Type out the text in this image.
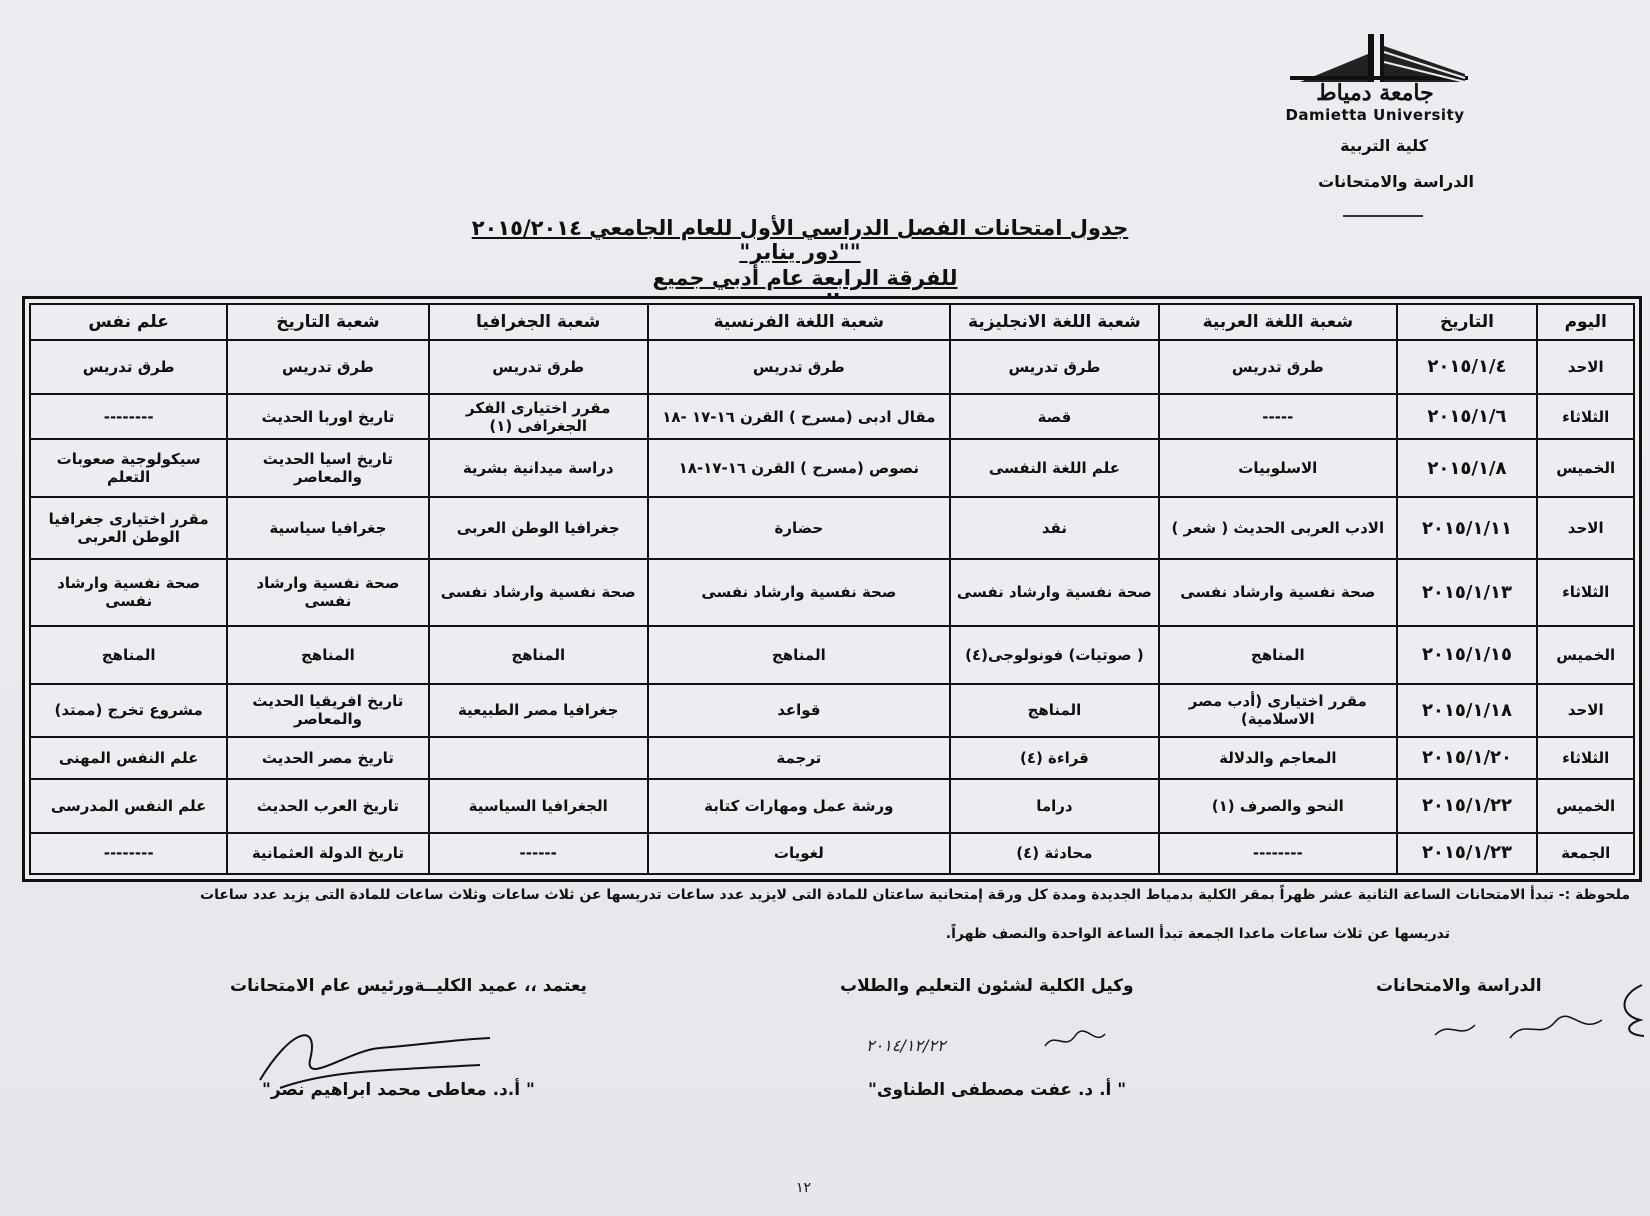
جامعة دمياط
Damietta University
كلية التربية
الدراسة والامتحانات
جدول امتحانات الفصل الدراسي الأول للعام الجامعي ٢٠١٥/٢٠١٤ ""دور يناير"
للفرقة الرابعة عام أدبي جميع
اليوم	التاريخ	شعبة اللغة العربية	شعبة اللغة الانجليزية	شعبة اللغة الفرنسية	شعبة الجغرافيا	شعبة التاريخ	علم نفس
الاحد	٢٠١٥/١/٤	طرق تدريس	طرق تدريس	طرق تدريس	طرق تدريس	طرق تدريس	طرق تدريس
الثلاثاء	٢٠١٥/١/٦	-----	قصة	مقال ادبى (مسرح ) القرن ١٦-١٧ -١٨	مقرر اختيارى الفكر الجغرافى (١)	تاريخ اوربا الحديث	--------
الخميس	٢٠١٥/١/٨	الاسلوبيات	علم اللغة النفسى	نصوص (مسرح ) القرن ١٦-١٧-١٨	دراسة ميدانية بشرية	تاريخ اسيا الحديث والمعاصر	سيكولوجية صعوبات التعلم
الاحد	٢٠١٥/١/١١	الادب العربى الحديث ( شعر )	نقد	حضارة	جغرافيا الوطن العربى	جغرافيا سياسية	مقرر اختيارى جغرافيا الوطن العربى
الثلاثاء	٢٠١٥/١/١٣	صحة نفسية وارشاد نفسى	صحة نفسية وارشاد نفسى	صحة نفسية وارشاد نفسى	صحة نفسية وارشاد نفسى	صحة نفسية وارشاد نفسى	صحة نفسية وارشاد نفسى
الخميس	٢٠١٥/١/١٥	المناهج	( صوتيات) فونولوجى(٤)	المناهج	المناهج	المناهج	المناهج
الاحد	٢٠١٥/١/١٨	مقرر اختيارى (أدب مصر الاسلامية)	المناهج	قواعد	جغرافيا مصر الطبيعية	تاريخ افريقيا الحديث والمعاصر	مشروع تخرج (ممتد)
الثلاثاء	٢٠١٥/١/٢٠	المعاجم والدلالة	قراءة (٤)	ترجمة		تاريخ مصر الحديث	علم النفس المهنى
الخميس	٢٠١٥/١/٢٢	النحو والصرف (١)	دراما	ورشة عمل ومهارات كتابة	الجغرافيا السياسية	تاريخ العرب الحديث	علم النفس المدرسى
الجمعة	٢٠١٥/١/٢٣	--------	محادثة (٤)	لغويات	------	تاريخ الدولة العثمانية	--------
ملحوظة :- تبدأ الامتحانات الساعة الثانية عشر ظهراً بمقر الكلية بدمياط الجديدة ومدة كل ورقة إمتحانية ساعتان للمادة التى لايزيد عدد ساعات تدريسها عن ثلاث ساعات وثلاث ساعات للمادة التى يزيد عدد ساعات
تدريسها عن ثلاث ساعات ماعدا الجمعة تبدأ الساعة الواحدة والنصف ظهراً.
الدراسة والامتحانات
وكيل الكلية لشئون التعليم والطلاب
يعتمد ،، عميد الكليــةورئيس عام الامتحانات
٢٠١٤/١٢/٢٢
" أ. د. عفت مصطفى الطناوى"
" أ.د. معاطى محمد ابراهيم نصر"
١٢
